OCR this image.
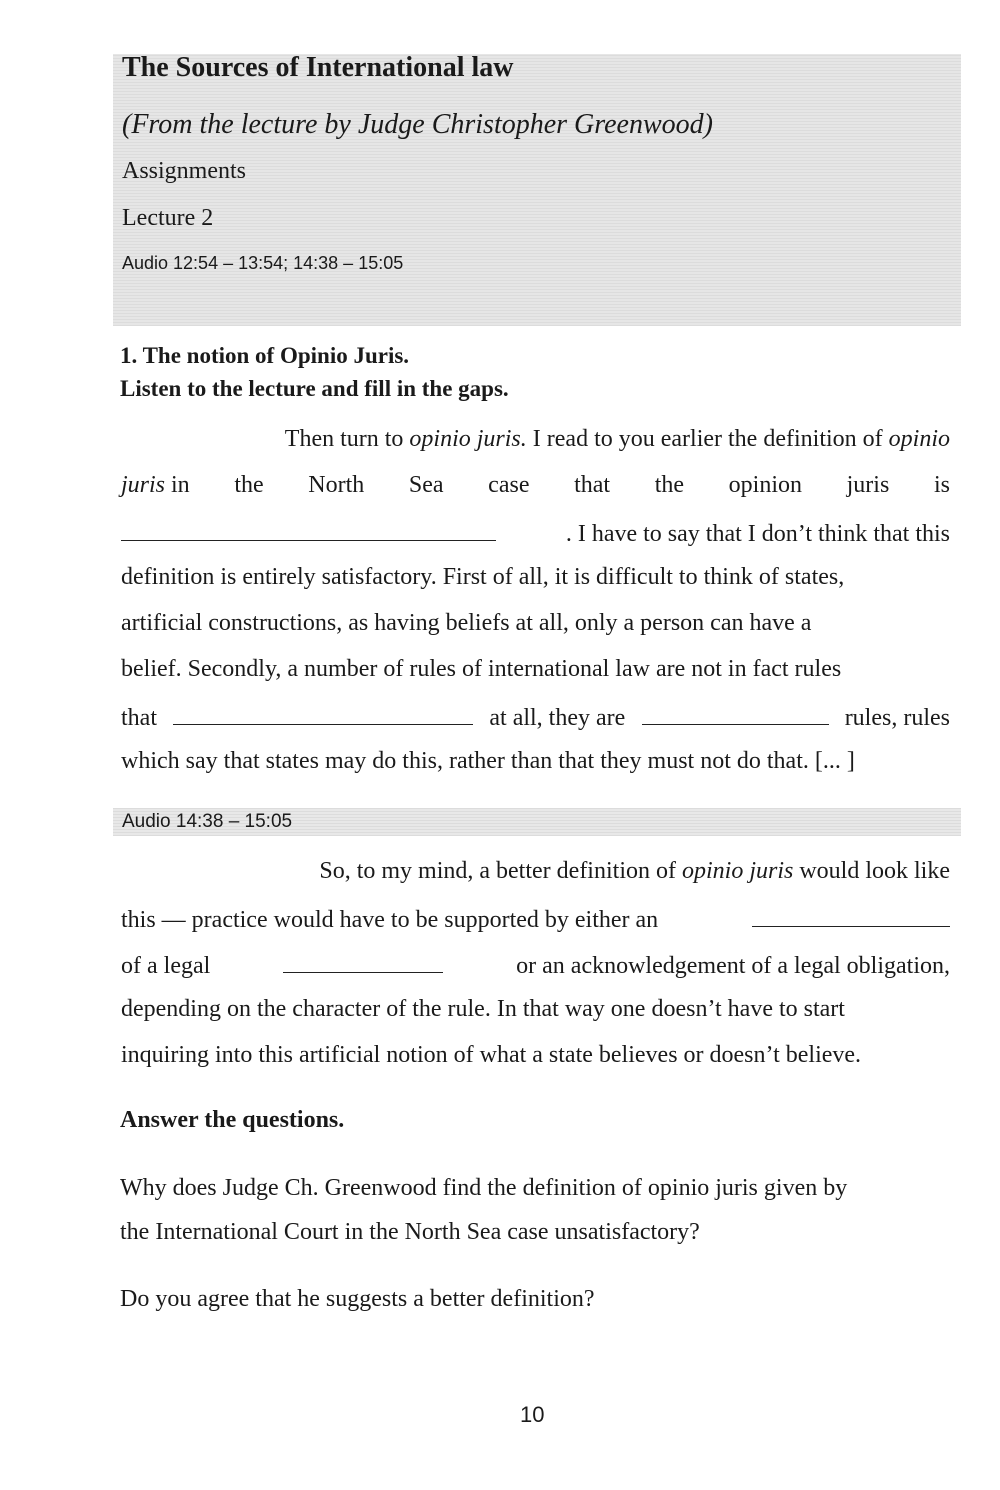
The Sources of International law
(From the lecture by Judge Christopher Greenwood)
Assignments
Lecture 2
Audio 12:54 – 13:54; 14:38 – 15:05
1. The notion of Opinio Juris.
Listen to the lecture and fill in the gaps.
Then turn to opinio juris. I read to you earlier the definition of opinio
juris in the North Sea case that the opinion juris is
. I have to say that I don’t think that this
definition is entirely satisfactory. First of all, it is difficult to think of states,
artificial constructions, as having beliefs at all, only a person can have a
belief. Secondly, a number of rules of international law are not in fact rules
that	at all, they are	rules, rules
which say that states may do this, rather than that they must not do that. [... ]
Audio 14:38 – 15:05
So, to my mind, a better definition of opinio juris would look like
this — practice would have to be supported by either an
of a legal	or an acknowledgement of a legal obligation,
depending on the character of the rule. In that way one doesn’t have to start
inquiring into this artificial notion of what a state believes or doesn’t believe.
Answer the questions.
Why does Judge Ch. Greenwood find the definition of opinio juris given by
the International Court in the North Sea case unsatisfactory?
Do you agree that he suggests a better definition?
10
